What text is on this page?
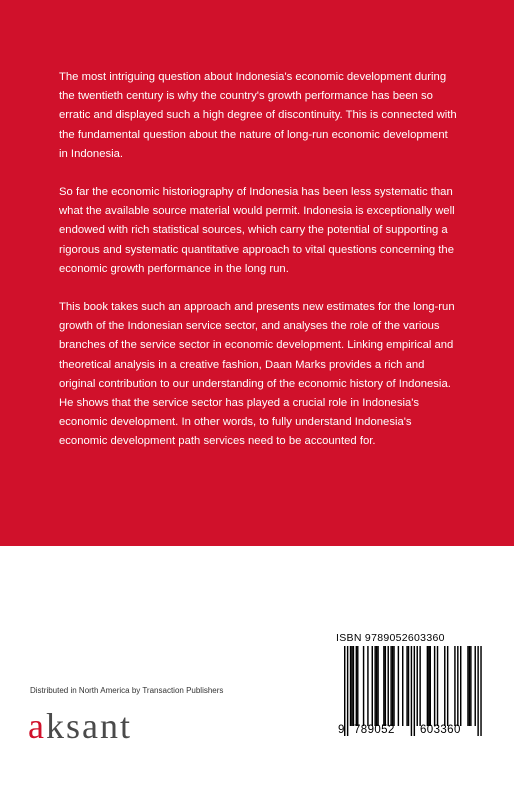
The most intriguing question about Indonesia's economic development during the twentieth century is why the country's growth performance has been so erratic and displayed such a high degree of discontinuity. This is connected with the fundamental question about the nature of long-run economic development in Indonesia.

So far the economic historiography of Indonesia has been less systematic than what the available source material would permit. Indonesia is exceptionally well endowed with rich statistical sources, which carry the potential of supporting a rigorous and systematic quantitative approach to vital questions concerning the economic growth performance in the long run.

This book takes such an approach and presents new estimates for the long-run growth of the Indonesian service sector, and analyses the role of the various branches of the service sector in economic development. Linking empirical and theoretical analysis in a creative fashion, Daan Marks provides a rich and original contribution to our understanding of the economic history of Indonesia. He shows that the service sector has played a crucial role in Indonesia's economic development. In other words, to fully understand Indonesia's economic development path services need to be accounted for.

Distributed in North America by Transaction Publishers
aksant
ISBN 9789052603360
9 789052 603360
